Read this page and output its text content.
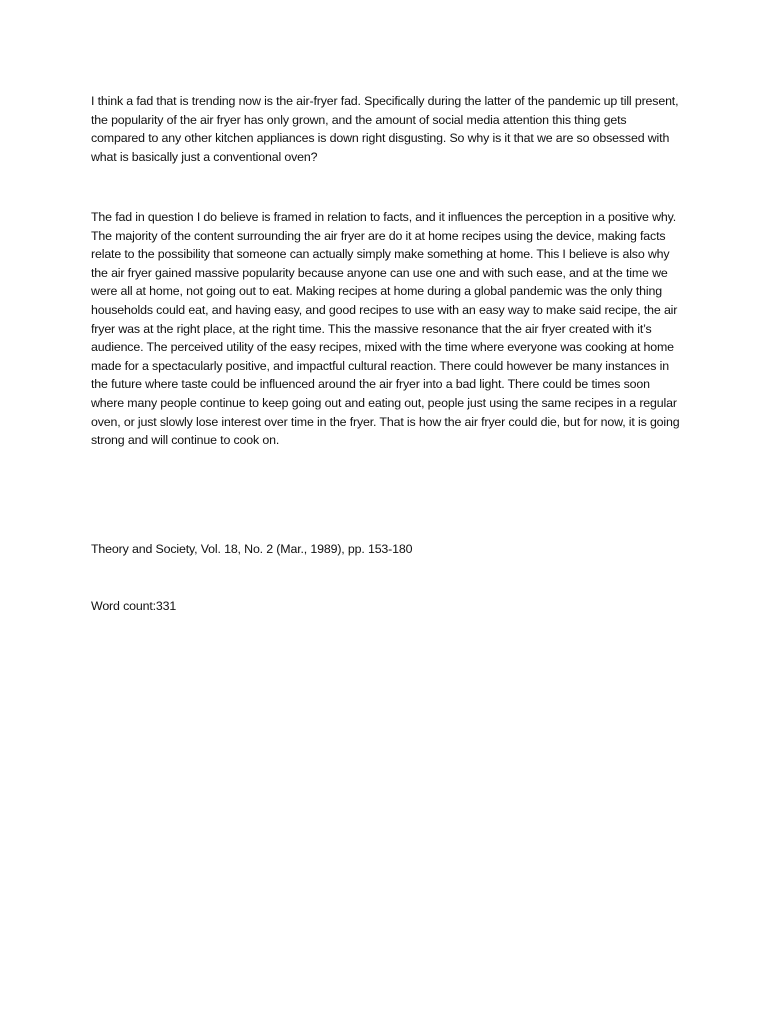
I think a fad that is trending now is the air-fryer fad. Specifically during the latter of the pandemic up till present, the popularity of the air fryer has only grown, and the amount of social media attention this thing gets compared to any other kitchen appliances is down right disgusting. So why is it that we are so obsessed with what is basically just a conventional oven?

The fad in question I do believe is framed in relation to facts, and it influences the perception in a positive why. The majority of the content surrounding the air fryer are do it at home recipes using the device, making facts relate to the possibility that someone can actually simply make something at home. This I believe is also why the air fryer gained massive popularity because anyone can use one and with such ease, and at the time we were all at home, not going out to eat. Making recipes at home during a global pandemic was the only thing households could eat, and having easy, and good recipes to use with an easy way to make said recipe, the air fryer was at the right place, at the right time. This the massive resonance that the air fryer created with it’s audience. The perceived utility of the easy recipes, mixed with the time where everyone was cooking at home made for a spectacularly positive, and impactful cultural reaction. There could however be many instances in the future where taste could be influenced around the air fryer into a bad light. There could be times soon where many people continue to keep going out and eating out, people just using the same recipes in a regular oven, or just slowly lose interest over time in the fryer. That is how the air fryer could die, but for now, it is going strong and will continue to cook on.

Theory and Society, Vol. 18, No. 2 (Mar., 1989), pp. 153-180

Word count:331
